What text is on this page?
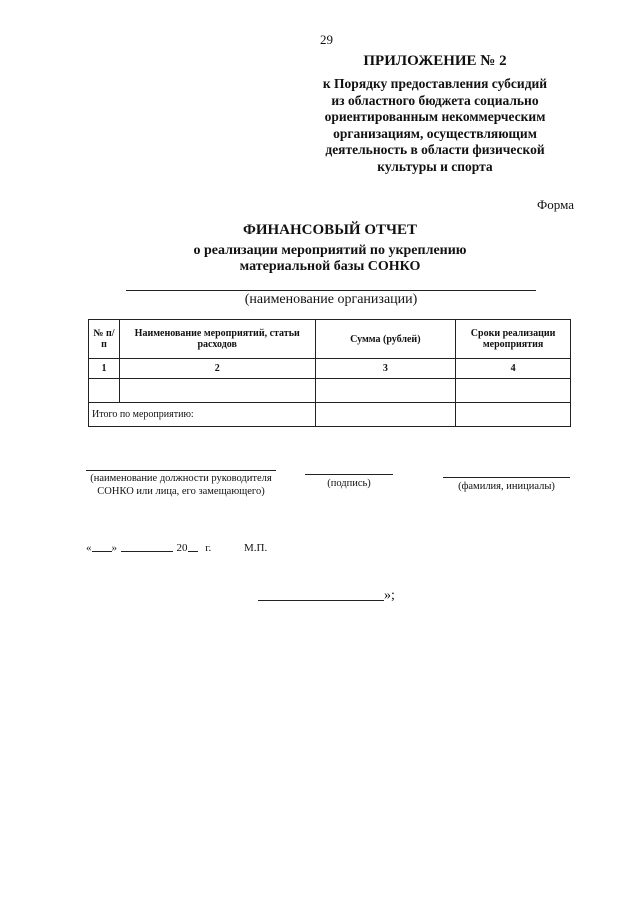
29
ПРИЛОЖЕНИЕ № 2
к Порядку предоставления субсидий
из областного бюджета социально
ориентированным некоммерческим
организациям, осуществляющим
деятельность в области физической
культуры и спорта
Форма
ФИНАНСОВЫЙ ОТЧЕТ
о реализации мероприятий по укреплению
материальной базы СОНКО
(наименование организации)
№ п/п	Наименование мероприятий, статьи расходов	Сумма (рублей)	Сроки реализации мероприятия
1	2	3	4

Итого по мероприятию:			
(наименование должности руководителя
СОНКО или лица, его замещающего)
(подпись)	(фамилия, инициалы)
« »	20 г.	М.П.
»;
